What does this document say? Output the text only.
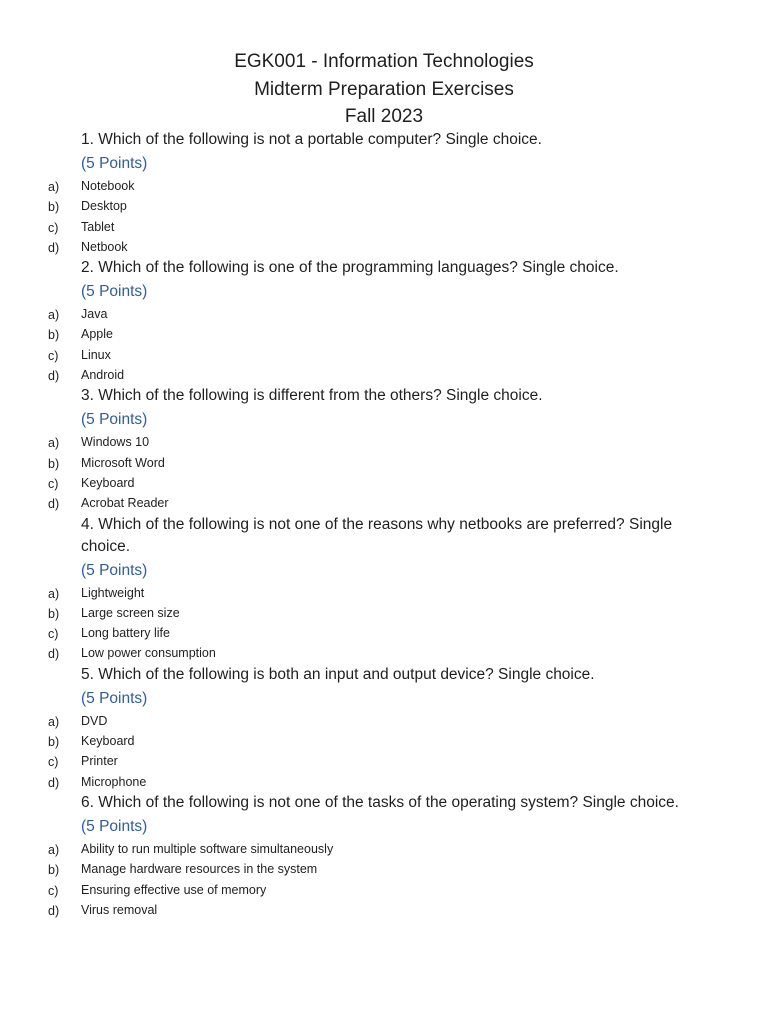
EGK001 - Information Technologies
Midterm Preparation Exercises
Fall 2023
1. Which of the following is not a portable computer? Single choice.
(5 Points)
a) Notebook
b) Desktop
c) Tablet
d) Netbook
2. Which of the following is one of the programming languages? Single choice.
(5 Points)
a) Java
b) Apple
c) Linux
d) Android
3. Which of the following is different from the others? Single choice.
(5 Points)
a) Windows 10
b) Microsoft Word
c) Keyboard
d) Acrobat Reader
4. Which of the following is not one of the reasons why netbooks are preferred? Single choice.
(5 Points)
a) Lightweight
b) Large screen size
c) Long battery life
d) Low power consumption
5. Which of the following is both an input and output device? Single choice.
(5 Points)
a) DVD
b) Keyboard
c) Printer
d) Microphone
6. Which of the following is not one of the tasks of the operating system? Single choice.
(5 Points)
a) Ability to run multiple software simultaneously
b) Manage hardware resources in the system
c) Ensuring effective use of memory
d) Virus removal
